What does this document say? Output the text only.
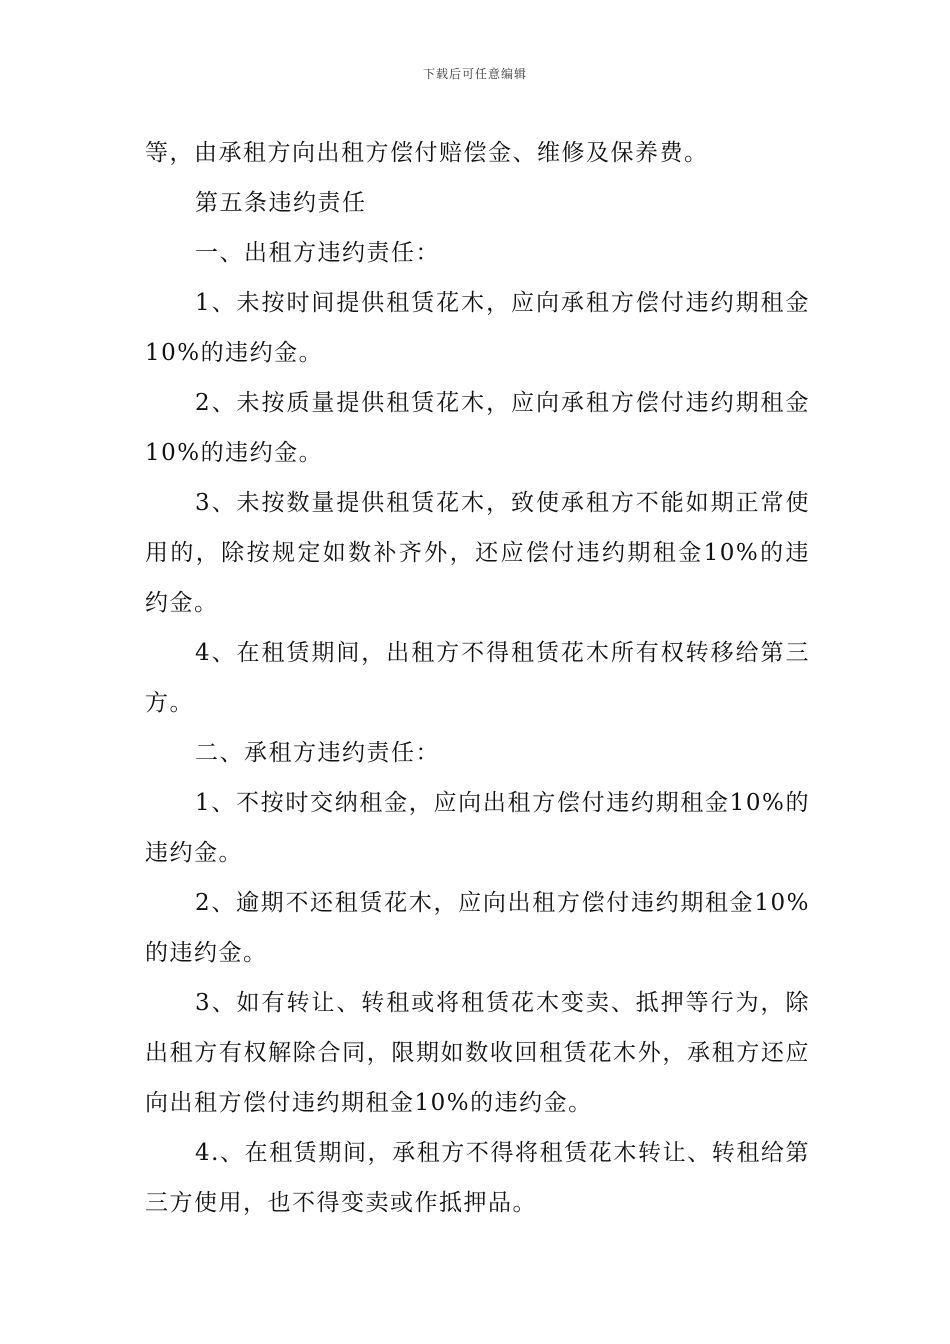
下载后可任意编辑

等，由承租方向出租方偿付赔偿金、维修及保养费。

第五条违约责任

一、出租方违约责任：

1、未按时间提供租赁花木，应向承租方偿付违约期租金10%的违约金。

2、未按质量提供租赁花木，应向承租方偿付违约期租金10%的违约金。

3、未按数量提供租赁花木，致使承租方不能如期正常使用的，除按规定如数补齐外，还应偿付违约期租金10%的违约金。

4、在租赁期间，出租方不得租赁花木所有权转移给第三方。

二、承租方违约责任：

1、不按时交纳租金，应向出租方偿付违约期租金10%的违约金。

2、逾期不还租赁花木，应向出租方偿付违约期租金10%的违约金。

3、如有转让、转租或将租赁花木变卖、抵押等行为，除出租方有权解除合同，限期如数收回租赁花木外，承租方还应向出租方偿付违约期租金10%的违约金。

4.、在租赁期间，承租方不得将租赁花木转让、转租给第三方使用，也不得变卖或作抵押品。
